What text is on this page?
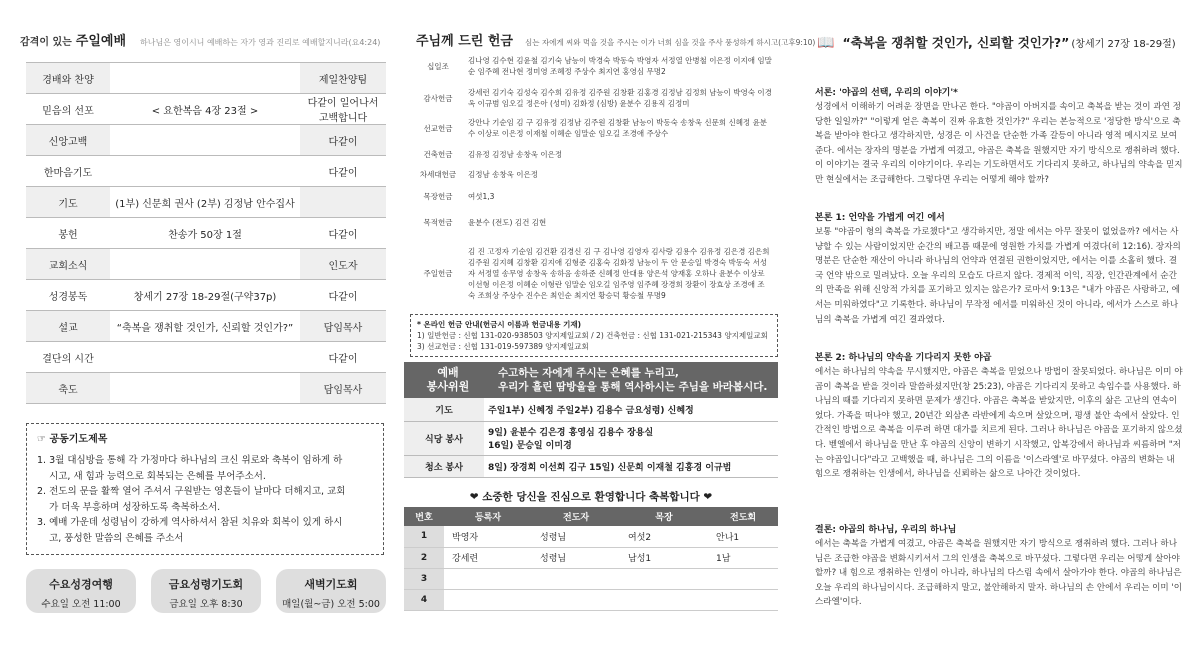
감격이 있는 주일예배 하나님은 영이시니 예배하는 자가 영과 진리로 예배할지니라(요4:24)
경배와 찬양		제일찬양팀
믿음의 선포	< 요한복음 4장 23절 >	다같이 일어나서 고백합니다
신앙고백		다같이
한마음기도		다같이
기도	(1부) 신문희 권사 (2부) 김정남 안수집사	
봉헌	찬송가 50장 1절	다같이
교회소식		인도자
성경봉독	창세기 27장 18-29절(구약37p)	다같이
설교	“축복을 쟁취할 것인가, 신뢰할 것인가?”	담임목사
결단의 시간		다같이
축도		담임목사
☞ 공동기도제목
1. 3월 대심방을 통해 각 가정마다 하나님의 크신 위로와 축복이 임하게 하
시고, 새 힘과 능력으로 회복되는 은혜를 부어주소서.
2. 전도의 문을 활짝 열어 주셔서 구원받는 영혼들이 날마다 더해지고, 교회
가 더욱 부흥하며 성장하도록 축복하소서.
3. 예배 가운데 성령님이 강하게 역사하셔서 참된 치유와 회복이 있게 하시
고, 풍성한 말씀의 은혜를 주소서
수요성경여행
수요일 오전 11:00
금요성령기도회
금요일 오후 8:30
새벽기도회
매일(월~금) 오전 5:00
주님께 드린 헌금 심는 자에게 씨와 먹을 것을 주시는 이가 너희 심을 것을 주사 풍성하게 하시고(고후9:10)
십일조
김나영 김수현 김윤철 김기숙 남능이 박경숙 박동숙 박영자 서정열 안병철 이은정 이지애 임말순 임주혜 전나현 정미영 조혜정 주상수 최지연 홍영심 무명2
감사헌금
강세런 김기숙 김성숙 김수희 김유정 김주원 김창환 김홍경 김정남 김정희 남능이 박영숙 이경옥 이규범 임오길 정은아 (성미) 김화정 (심방) 윤분수 김용직 김정미
선교헌금
강안나 기순임 김 구 김유정 김정남 김주원 김창환 남능이 박동숙 송창욱 신문희 신혜정 윤분수 이상로 이은정 이재철 이혜순 임말순 임오길 조경애 주상수
건축헌금	김유정 김정남 송창욱 이은정
차세대헌금	김정남 송창욱 이은정
목장헌금	여섯1,3
목적헌금	윤분수 (전도) 김건 김현
주일헌금
김 진 고정자 기순임 김건환 김경신 김 구 김나영 김영자 김사랑 김용수 김유정 김은경 김은희 김주원 김지혜 김창환 김지애 김형준 김홍숙 김화정 남능이 두 안 문승일 박경숙 박동숙 서성자 서정열 송무영 송창욱 송하음 송하준 신혜정 안대용 양은석 양재홍 오하나 윤분수 이상로 이선형 이은정 이혜순 이형란 임말순 임오길 임주영 임주혜 장경희 장환이 장효상 조경애 조 숙 조희상 주상수 진수은 최인순 최지연 황승덕 황승철 무명9
* 온라인 헌금 안내(헌금시 이름과 헌금내용 기재)
1) 일반헌금 : 신협 131-020-938503 양지제일교회 / 2) 건축헌금 : 신협 131-021-215343 양지제일교회
3) 선교헌금 : 신협 131-019-597389 양지제일교회
예배
봉사위원
수고하는 자에게 주시는 은혜를 누리고,
우리가 흘린 땀방울을 통해 역사하시는 주님을 바라봅시다.
기도	주일1부) 신혜정 주일2부) 김용수 금요성령) 신혜정

식당 봉사	9일) 윤분수 김은경 홍영심 김용수 장용실
16일) 문승일 이미경

청소 봉사	8일) 장경희 이선희 김구 15일) 신문희 이재철 김홍경 이규범
❤ 소중한 당신을 진심으로 환영합니다 축복합니다 ❤
번호	등록자	전도자	목장	전도회
1	박영자	성령님	여섯2	안나1
2	강세련	성령님	남성1	1남
3				
4				
📖 “축복을 쟁취할 것인가, 신뢰할 것인가?” (창세기 27장 18-29절)
서론: '야곱의 선택, 우리의 이야기'*
성경에서 이해하기 어려운 장면을 만나곤 한다. "야곱이 아버지를 속이고 축복을 받는 것이 과연 정당한 일일까?" "이렇게 얻은 축복이 진짜 유효한 것인가?" 우리는 본능적으로 '정당한 방식'으로 축복을 받아야 한다고 생각하지만, 성경은 이 사건을 단순한 가족 갈등이 아니라 영적 메시지로 보여준다. 에서는 장자의 명분을 가볍게 여겼고, 야곱은 축복을 원했지만 자기 방식으로 쟁취하려 했다. 이 이야기는 결국 우리의 이야기이다. 우리는 기도하면서도 기다리지 못하고, 하나님의 약속을 믿지만 현실에서는 조급해한다. 그렇다면 우리는 어떻게 해야 할까?
본론 1: 언약을 가볍게 여긴 에서
보통 "야곱이 형의 축복을 가로챘다"고 생각하지만, 정말 에서는 아무 잘못이 없었을까? 에서는 사냥할 수 있는 사람이었지만 순간의 배고픔 때문에 영원한 가치를 가볍게 여겼다(히 12:16). 장자의 명분은 단순한 재산이 아니라 하나님의 언약과 연결된 권한이었지만, 에서는 이를 소홀히 했다. 결국 언약 밖으로 밀려났다. 오늘 우리의 모습도 다르지 않다. 경제적 이익, 직장, 인간관계에서 순간의 만족을 위해 신앙적 가치를 포기하고 있지는 않은가? 로마서 9:13은 "내가 야곱은 사랑하고, 에서는 미워하였다"고 기록한다. 하나님이 무작정 에서를 미워하신 것이 아니라, 에서가 스스로 하나님의 축복을 가볍게 여긴 결과였다.
본론 2: 하나님의 약속을 기다리지 못한 야곱
에서는 하나님의 약속을 무시했지만, 야곱은 축복을 믿었으나 방법이 잘못되었다. 하나님은 이미 야곱이 축복을 받을 것이라 말씀하셨지만(창 25:23), 야곱은 기다리지 못하고 속임수를 사용했다. 하나님의 때를 기다리지 못하면 문제가 생긴다. 야곱은 축복을 받았지만, 이후의 삶은 고난의 연속이었다. 가족을 떠나야 했고, 20년간 외삼촌 라반에게 속으며 살았으며, 평생 불안 속에서 살았다. 인간적인 방법으로 축복을 이루려 하면 대가를 치르게 된다. 그러나 하나님은 야곱을 포기하지 않으셨다. 벧엘에서 하나님을 만난 후 야곱의 신앙이 변하기 시작했고, 압복강에서 하나님과 씨름하며 "저는 야곱입니다"라고 고백했을 때, 하나님은 그의 이름을 '이스라엘'로 바꾸셨다. 야곱의 변화는 내 힘으로 쟁취하는 인생에서, 하나님을 신뢰하는 삶으로 나아간 것이었다.
결론: 야곱의 하나님, 우리의 하나님
에서는 축복을 가볍게 여겼고, 야곱은 축복을 원했지만 자기 방식으로 쟁취하려 했다. 그러나 하나님은 조급한 야곱을 변화시키셔서 그의 인생을 축복으로 바꾸셨다. 그렇다면 우리는 어떻게 살아야 할까? 내 힘으로 쟁취하는 인생이 아니라, 하나님의 다스림 속에서 살아가야 한다. 야곱의 하나님은 오늘 우리의 하나님이시다. 조급해하지 말고, 불안해하지 말자. 하나님의 손 안에서 우리는 이미 '이스라엘'이다.
